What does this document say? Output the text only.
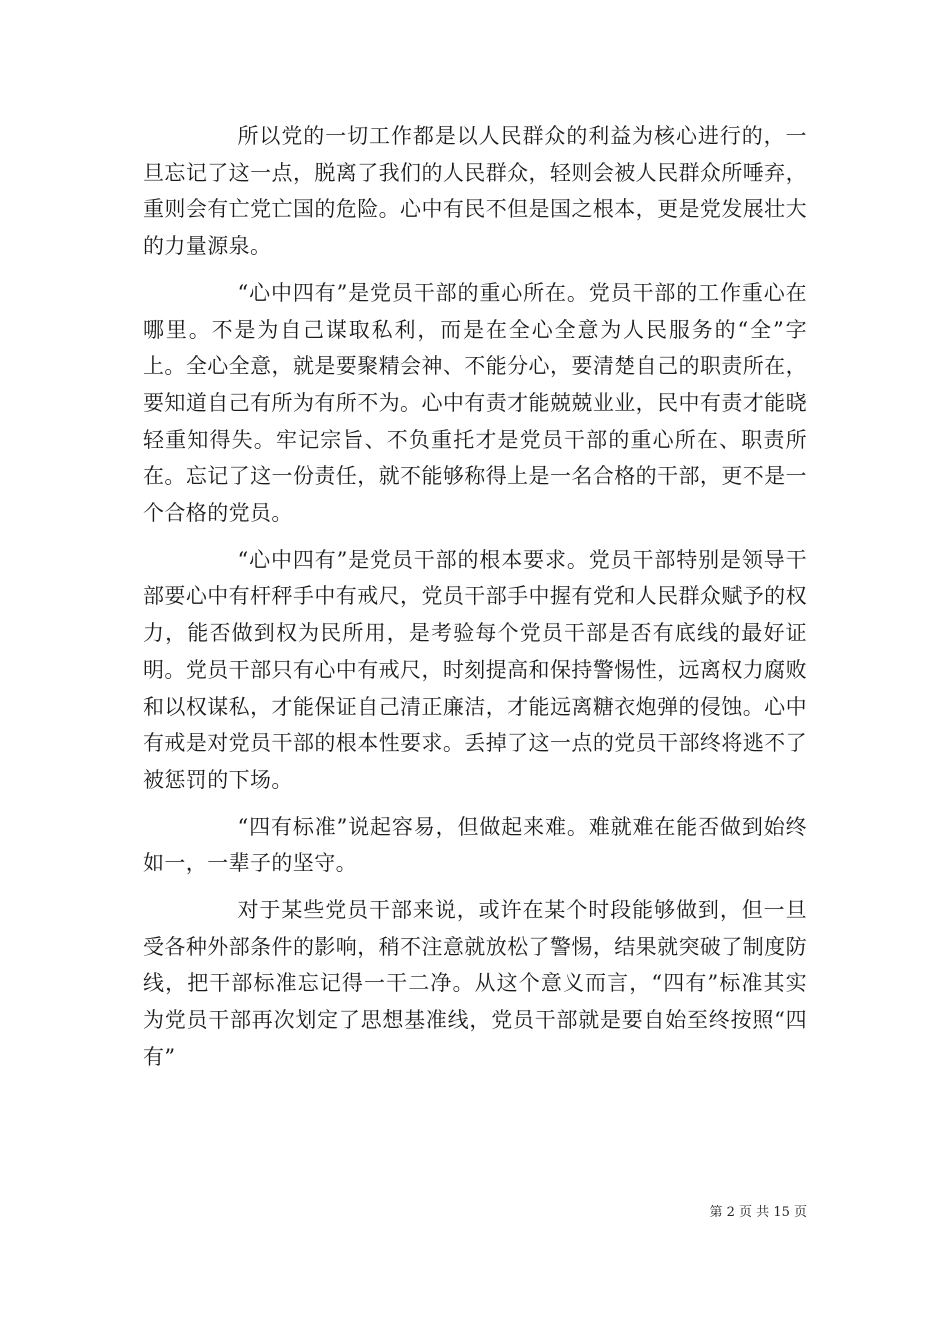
所以党的一切工作都是以人民群众的利益为核心进行的，一旦忘记了这一点，脱离了我们的人民群众，轻则会被人民群众所唾弃，重则会有亡党亡国的危险。心中有民不但是国之根本，更是党发展壮大的力量源泉。

“心中四有”是党员干部的重心所在。党员干部的工作重心在哪里。不是为自己谋取私利，而是在全心全意为人民服务的“全”字上。全心全意，就是要聚精会神、不能分心，要清楚自己的职责所在，要知道自己有所为有所不为。心中有责才能兢兢业业，民中有责才能晓轻重知得失。牢记宗旨、不负重托才是党员干部的重心所在、职责所在。忘记了这一份责任，就不能够称得上是一名合格的干部，更不是一个合格的党员。

“心中四有”是党员干部的根本要求。党员干部特别是领导干部要心中有杆秤手中有戒尺，党员干部手中握有党和人民群众赋予的权力，能否做到权为民所用，是考验每个党员干部是否有底线的最好证明。党员干部只有心中有戒尺，时刻提高和保持警惕性，远离权力腐败和以权谋私，才能保证自己清正廉洁，才能远离糖衣炮弹的侵蚀。心中有戒是对党员干部的根本性要求。丢掉了这一点的党员干部终将逃不了被惩罚的下场。

“四有标准”说起容易，但做起来难。难就难在能否做到始终如一，一辈子的坚守。

对于某些党员干部来说，或许在某个时段能够做到，但一旦受各种外部条件的影响，稍不注意就放松了警惕，结果就突破了制度防线，把干部标准忘记得一干二净。从这个意义而言，“四有”标准其实为党员干部再次划定了思想基准线，党员干部就是要自始至终按照“四有”

第 2 页 共 15 页
